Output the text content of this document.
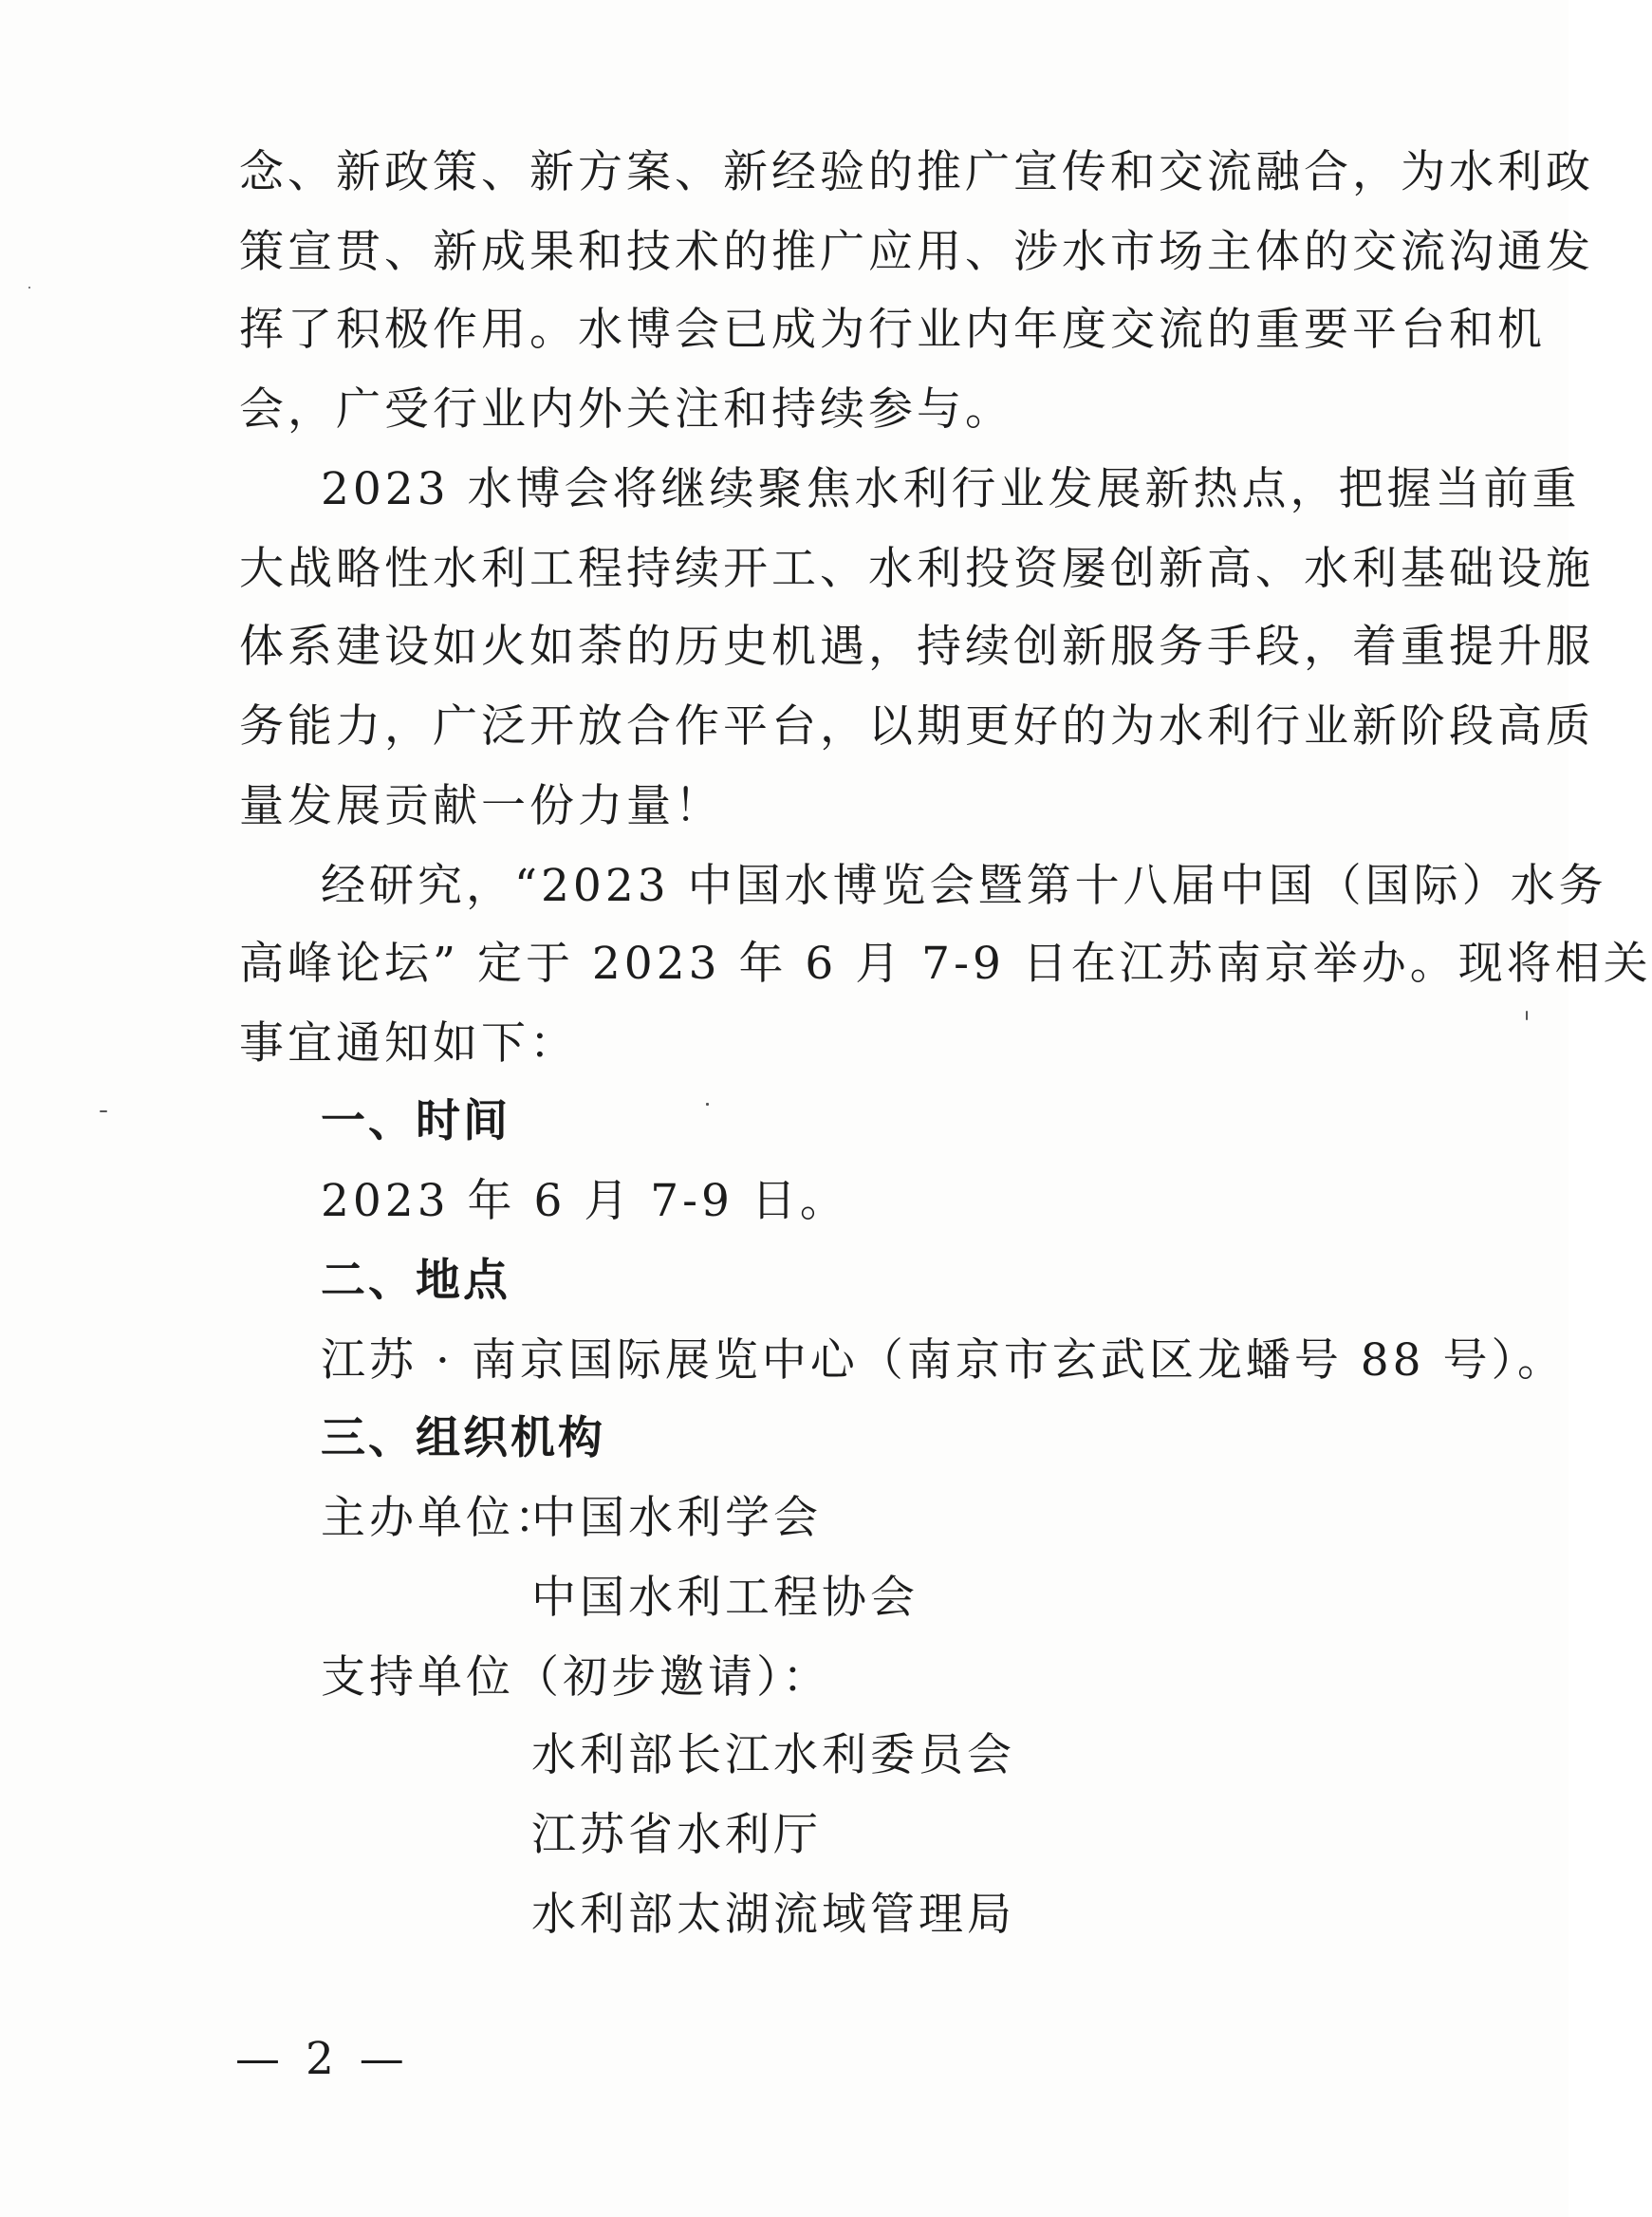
念、新政策、新方案、新经验的推广宣传和交流融合，为水利政
策宣贯、新成果和技术的推广应用、涉水市场主体的交流沟通发
挥了积极作用。水博会已成为行业内年度交流的重要平台和机
会，广受行业内外关注和持续参与。
2023 水博会将继续聚焦水利行业发展新热点，把握当前重
大战略性水利工程持续开工、水利投资屡创新高、水利基础设施
体系建设如火如荼的历史机遇，持续创新服务手段，着重提升服
务能力，广泛开放合作平台，以期更好的为水利行业新阶段高质
量发展贡献一份力量！
经研究，“2023 中国水博览会暨第十八届中国（国际）水务
高峰论坛” 定于 2023 年 6 月 7-9 日在江苏南京举办。现将相关
事宜通知如下：
一、时间
2023 年 6 月 7-9 日。
二、地点
江苏 · 南京国际展览中心（南京市玄武区龙蟠号 88 号）。
三、组织机构
主办单位：
中国水利学会
中国水利工程协会
支持单位（初步邀请）：
水利部长江水利委员会
江苏省水利厅
水利部太湖流域管理局
— 2 —
